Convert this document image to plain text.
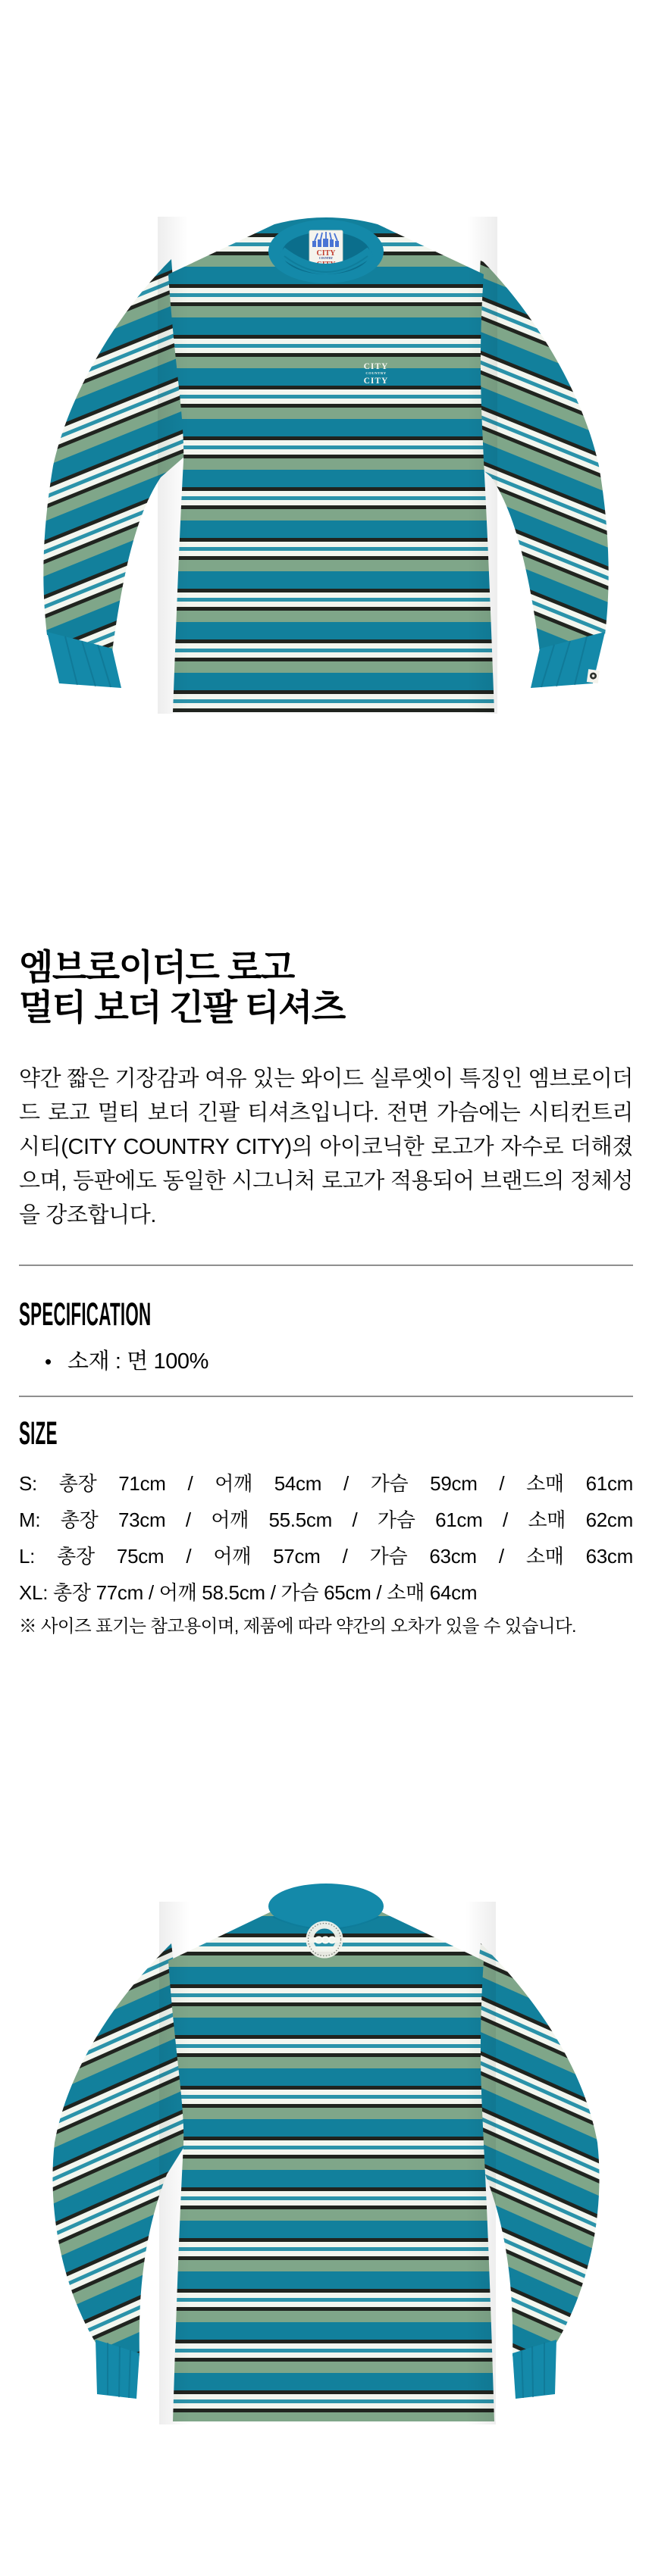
CITY
COUNTRY
CITY
CITY
COUNTRY
CITY
엠브로이더드 로고
멀티 보더 긴팔 티셔츠

약간 짧은 기장감과 여유 있는 와이드 실루엣이 특징인 엠브로이더드 로고 멀티 보더 긴팔 티셔츠입니다. 전면 가슴에는 시티컨트리시티(CITY COUNTRY CITY)의 아이코닉한 로고가 자수로 더해졌으며, 등판에도 동일한 시그니처 로고가 적용되어 브랜드의 정체성을 강조합니다.

SPECIFICATION
• 소재 : 면 100%
SIZE
S: 총장 71cm / 어깨 54cm / 가슴 59cm / 소매 61cm
M: 총장 73cm / 어깨 55.5cm / 가슴 61cm / 소매 62cm
L: 총장 75cm / 어깨 57cm / 가슴 63cm / 소매 63cm
XL: 총장 77cm / 어깨 58.5cm / 가슴 65cm / 소매 64cm

※ 사이즈 표기는 참고용이며, 제품에 따라 약간의 오차가 있을 수 있습니다.

CCC
